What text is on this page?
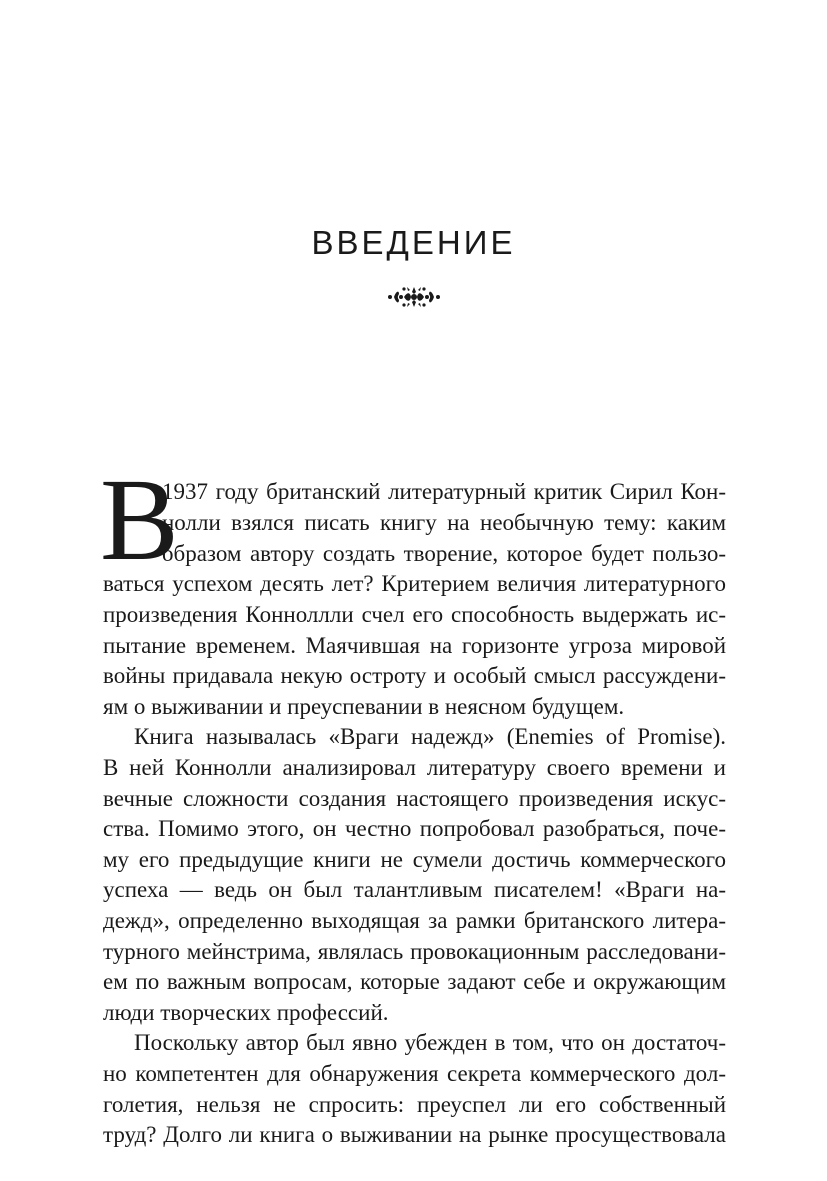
ВВЕДЕНИЕ
В
1937 году британский литературный критик Сирил Кон-
нолли взялся писать книгу на необычную тему: каким
образом автору создать творение, которое будет пользо-
ваться успехом десять лет? Критерием величия литературного
произведения Конноллли счел его способность выдержать ис-
пытание временем. Маячившая на горизонте угроза мировой
войны придавала некую остроту и особый смысл рассуждени-
ям о выживании и преуспевании в неясном будущем.
Книга называлась «Враги надежд» (Enemies of Promise).
В ней Коннолли анализировал литературу своего времени и
вечные сложности создания настоящего произведения искус-
ства. Помимо этого, он честно попробовал разобраться, поче-
му его предыдущие книги не сумели достичь коммерческого
успеха — ведь он был талантливым писателем! «Враги на-
дежд», определенно выходящая за рамки британского литера-
турного мейнстрима, являлась провокационным расследовани-
ем по важным вопросам, которые задают себе и окружающим
люди творческих профессий.
Поскольку автор был явно убежден в том, что он достаточ-
но компетентен для обнаружения секрета коммерческого дол-
голетия, нельзя не спросить: преуспел ли его собственный
труд? Долго ли книга о выживании на рынке просуществовала
